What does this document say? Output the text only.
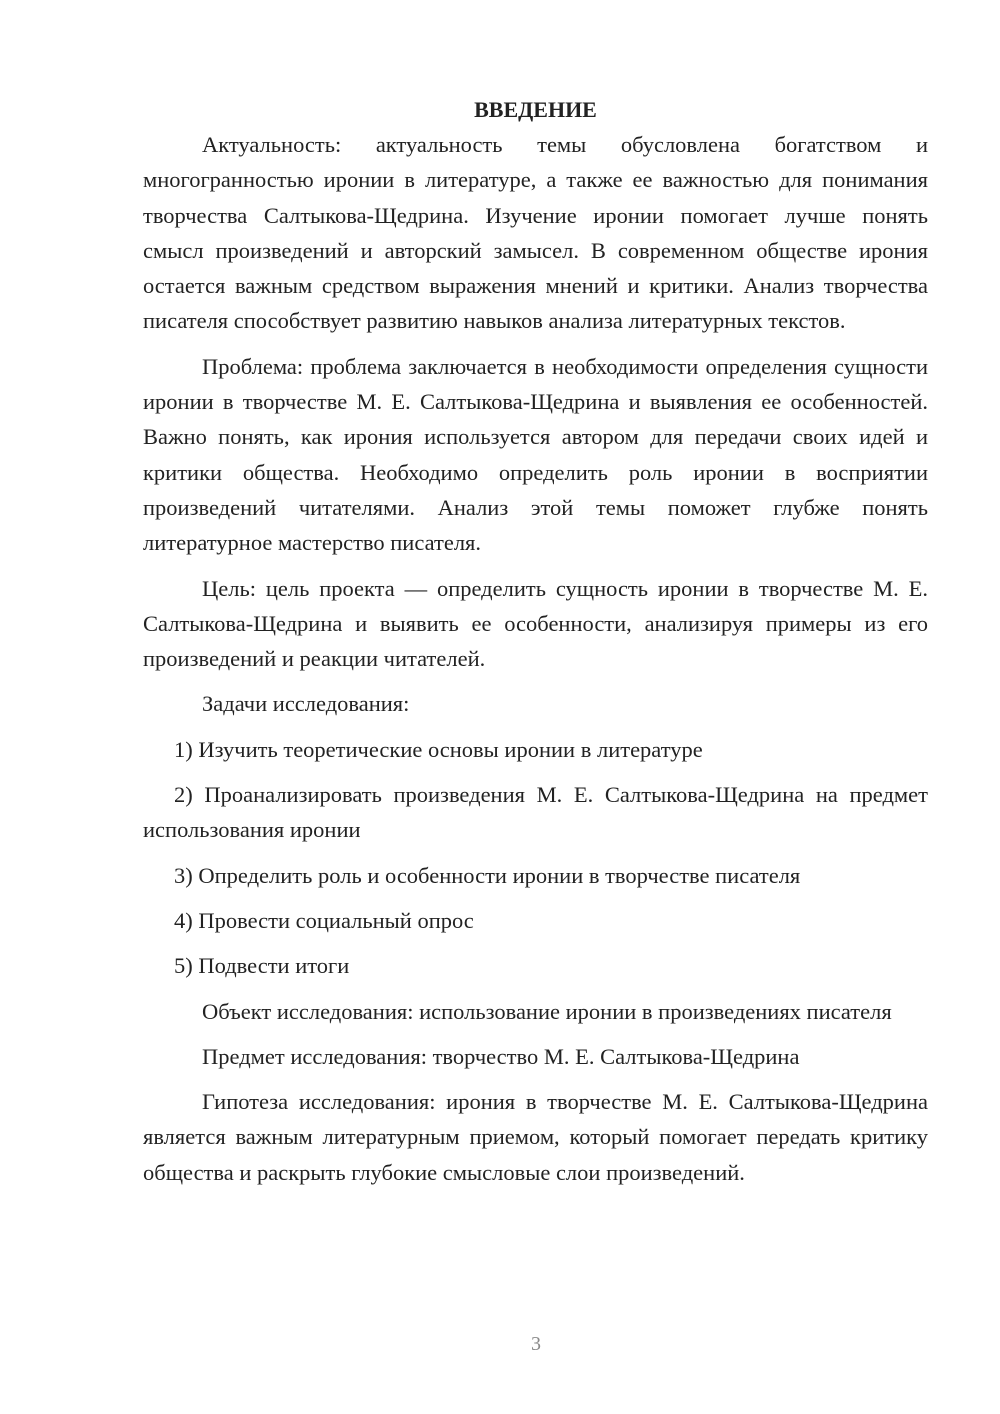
ВВЕДЕНИЕ

Актуальность: актуальность темы обусловлена богатством и многогранностью иронии в литературе, а также ее важностью для понимания творчества Салтыкова-Щедрина. Изучение иронии помогает лучше понять смысл произведений и авторский замысел. В современном обществе ирония остается важным средством выражения мнений и критики. Анализ творчества писателя способствует развитию навыков анализа литературных текстов.

Проблема: проблема заключается в необходимости определения сущности иронии в творчестве М. Е. Салтыкова-Щедрина и выявления ее особенностей. Важно понять, как ирония используется автором для передачи своих идей и критики общества. Необходимо определить роль иронии в восприятии произведений читателями. Анализ этой темы поможет глубже понять литературное мастерство писателя.

Цель: цель проекта — определить сущность иронии в творчестве М. Е. Салтыкова-Щедрина и выявить ее особенности, анализируя примеры из его произведений и реакции читателей.

Задачи исследования:

1) Изучить теоретические основы иронии в литературе

2) Проанализировать произведения М. Е. Салтыкова-Щедрина на предмет использования иронии

3) Определить роль и особенности иронии в творчестве писателя

4) Провести социальный опрос

5) Подвести итоги

Объект исследования: использование иронии в произведениях писателя

Предмет исследования: творчество М. Е. Салтыкова-Щедрина

Гипотеза исследования: ирония в творчестве М. Е. Салтыкова-Щедрина является важным литературным приемом, который помогает передать критику общества и раскрыть глубокие смысловые слои произведений.

3
